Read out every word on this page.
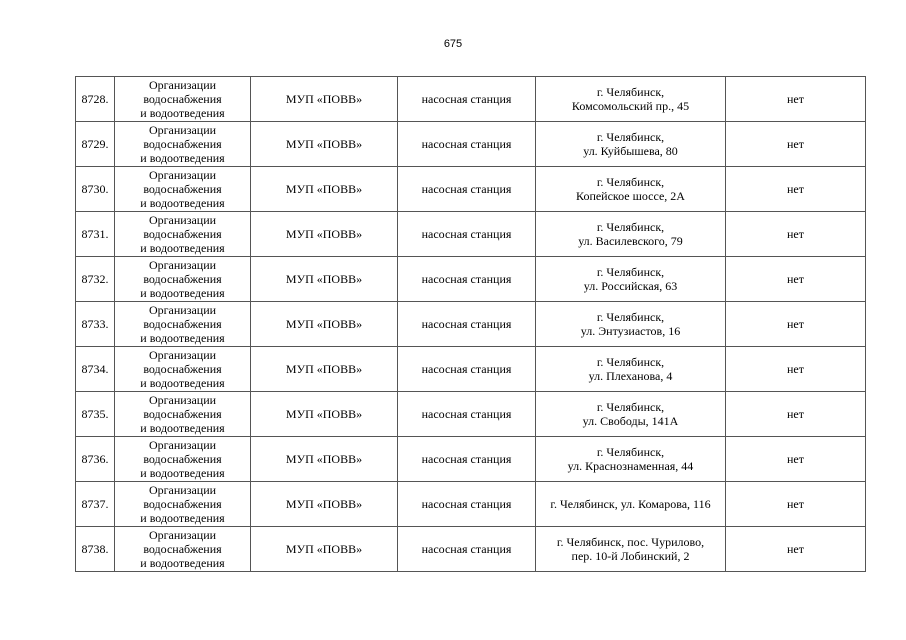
675
8728.	Организации
водоснабжения
и водоотведения	МУП «ПОВВ»	насосная станция	г. Челябинск,
Комсомольский пр., 45	нет
8729.	Организации
водоснабжения
и водоотведения	МУП «ПОВВ»	насосная станция	г. Челябинск,
ул. Куйбышева, 80	нет
8730.	Организации
водоснабжения
и водоотведения	МУП «ПОВВ»	насосная станция	г. Челябинск,
Копейское шоссе, 2А	нет
8731.	Организации
водоснабжения
и водоотведения	МУП «ПОВВ»	насосная станция	г. Челябинск,
ул. Василевского, 79	нет
8732.	Организации
водоснабжения
и водоотведения	МУП «ПОВВ»	насосная станция	г. Челябинск,
ул. Российская, 63	нет
8733.	Организации
водоснабжения
и водоотведения	МУП «ПОВВ»	насосная станция	г. Челябинск,
ул. Энтузиастов, 16	нет
8734.	Организации
водоснабжения
и водоотведения	МУП «ПОВВ»	насосная станция	г. Челябинск,
ул. Плеханова, 4	нет
8735.	Организации
водоснабжения
и водоотведения	МУП «ПОВВ»	насосная станция	г. Челябинск,
ул. Свободы, 141А	нет
8736.	Организации
водоснабжения
и водоотведения	МУП «ПОВВ»	насосная станция	г. Челябинск,
ул. Краснознаменная, 44	нет
8737.	Организации
водоснабжения
и водоотведения	МУП «ПОВВ»	насосная станция	г. Челябинск, ул. Комарова, 116	нет
8738.	Организации
водоснабжения
и водоотведения	МУП «ПОВВ»	насосная станция	г. Челябинск, пос. Чурилово,
пер. 10-й Лобинский, 2	нет
